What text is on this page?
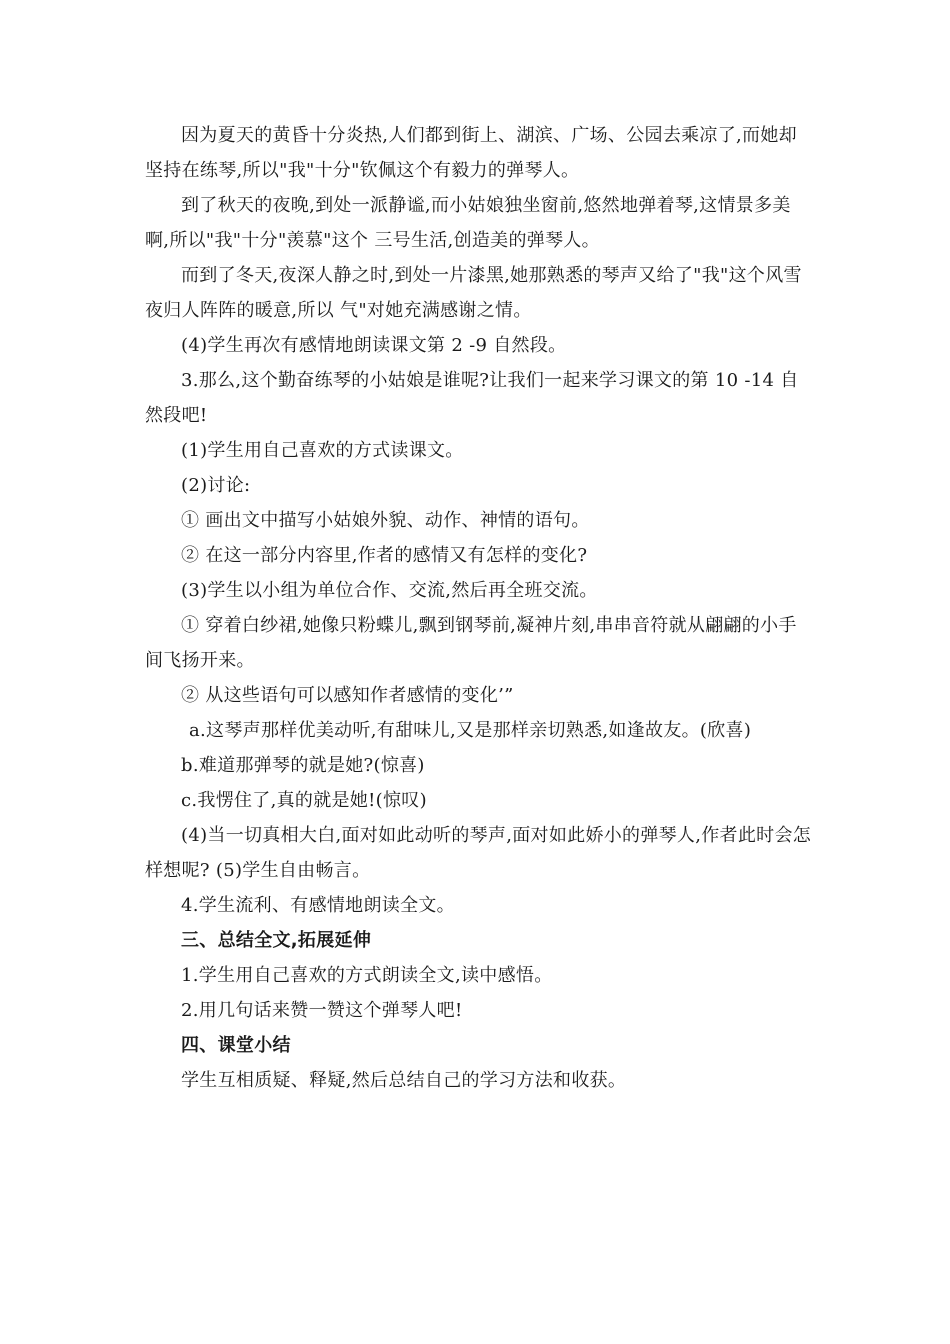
因为夏天的黄昏十分炎热,人们都到街上、湖滨、广场、公园去乘凉了,而她却坚持在练琴,所以"我"十分"钦佩这个有毅力的弹琴人。

到了秋天的夜晚,到处一派静谧,而小姑娘独坐窗前,悠然地弹着琴,这情景多美啊,所以"我"十分"羡慕"这个 三号生活,创造美的弹琴人。

而到了冬天,夜深人静之时,到处一片漆黑,她那熟悉的琴声又给了"我"这个风雪夜归人阵阵的暖意,所以 气"对她充满感谢之情。

(4)学生再次有感情地朗读课文第 2 -9 自然段。

3.那么,这个勤奋练琴的小姑娘是谁呢?让我们一起来学习课文的第 10 -14 自然段吧!

(1)学生用自己喜欢的方式读课文。

(2)讨论:

① 画出文中描写小姑娘外貌、动作、神情的语句。

② 在这一部分内容里,作者的感情又有怎样的变化?

(3)学生以小组为单位合作、交流,然后再全班交流。

① 穿着白纱裙,她像只粉蝶儿,飘到钢琴前,凝神片刻,串串音符就从翩翩的小手间飞扬开来。

② 从这些语句可以感知作者感情的变化’”

a.这琴声那样优美动听,有甜味儿,又是那样亲切熟悉,如逢故友。(欣喜)

b.难道那弹琴的就是她?(惊喜)

c.我愣住了,真的就是她!(惊叹)

(4)当一切真相大白,面对如此动听的琴声,面对如此娇小的弹琴人,作者此时会怎样想呢? (5)学生自由畅言。

4.学生流利、有感情地朗读全文。

三、总结全文,拓展延伸

1.学生用自己喜欢的方式朗读全文,读中感悟。

2.用几句话来赞一赞这个弹琴人吧!

四、课堂小结

学生互相质疑、释疑,然后总结自己的学习方法和收获。
